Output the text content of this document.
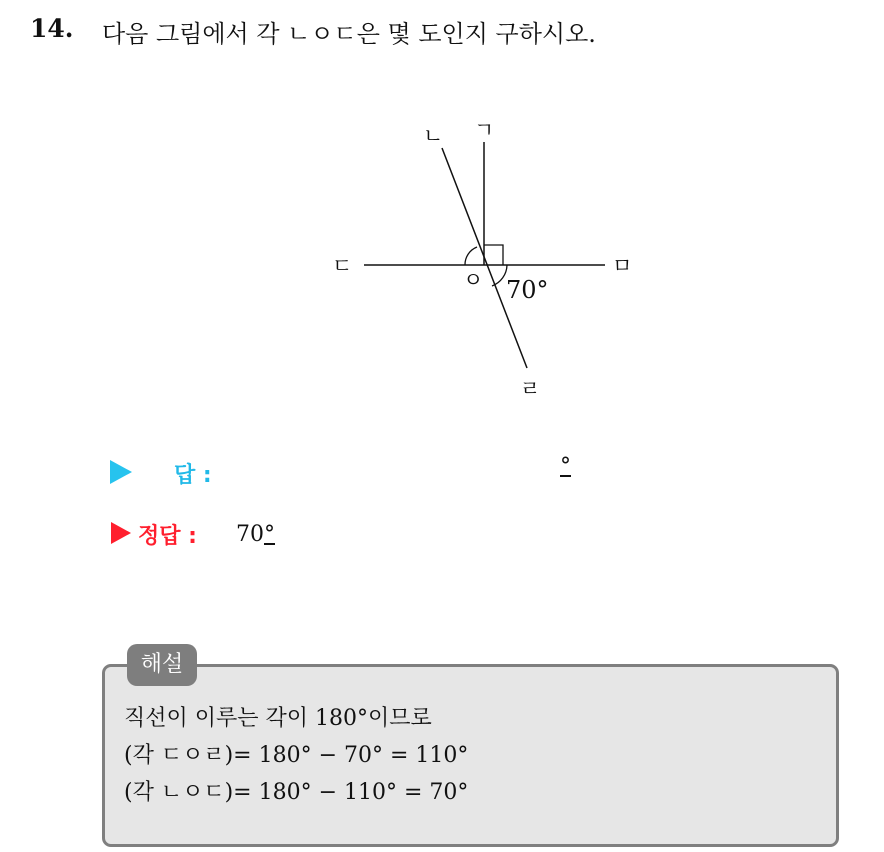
14. 다음 그림에서 각 ㄴㅇㄷ은 몇 도인지 구하시오.
ㄴ ㄱ
ㄷ	ㅁ
ㅇ
ㄹ
70°
답 :	°
정답 : 70°
해설
직선이 이루는 각이 180°이므로
(각 ㄷㅇㄹ)= 180° − 70° = 110°
(각 ㄴㅇㄷ)= 180° − 110° = 70°
